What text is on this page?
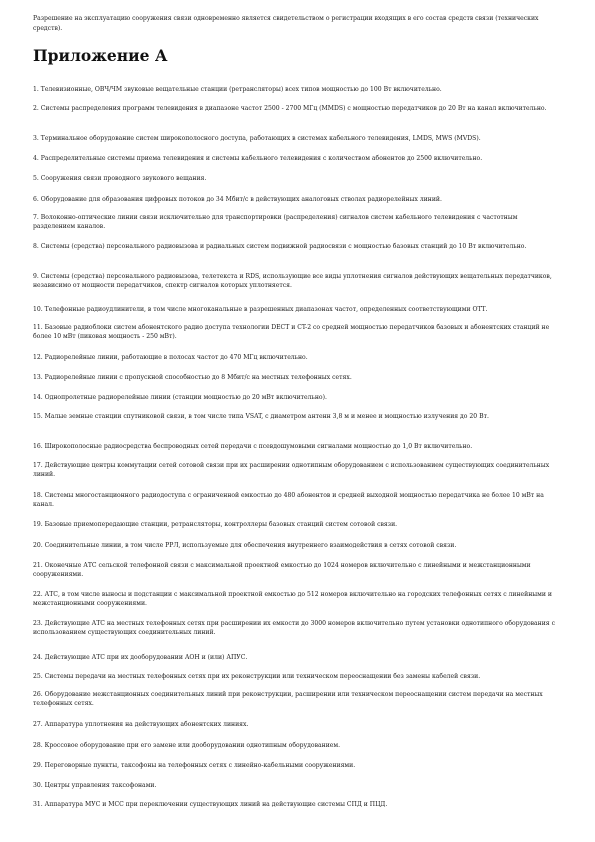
Разрешение на эксплуатацию сооружения связи одновременно является свидетельством о регистрации входящих в его состав средств связи (технических средств).

Приложение А

1. Телевизионные, ОВЧ/ЧМ звуковые вещательные станции (ретрансляторы) всех типов мощностью до 100 Вт включительно.

2. Системы распределения программ телевидения в диапазоне частот 2500 - 2700 МГц (MMDS) с мощностью передатчиков до 20 Вт на канал включительно.

3. Терминальное оборудование систем широкополосного доступа, работающих в системах кабельного телевидения, LMDS, MWS (MVDS).

4. Распределительные системы приема телевидения и системы кабельного телевидения с количеством абонентов до 2500 включительно.

5. Сооружения связи проводного звукового вещания.

6. Оборудование для образования цифровых потоков до 34 Мбит/с в действующих аналоговых стволах радиорелейных линий.

7. Волоконно-оптические линии связи исключительно для транспортировки (распределения) сигналов систем кабельного телевидения с частотным разделением каналов.

8. Системы (средства) персонального радиовызова и радиальных систем подвижной радиосвязи с мощностью базовых станций до 10 Вт включительно.

9. Системы (средства) персонального радиовызова, телетекста и RDS, использующие все виды уплотнения сигналов действующих вещательных передатчиков, независимо от мощности передатчиков, спектр сигналов которых уплотняется.

10. Телефонные радиоудлинители, в том числе многоканальные в разрешенных диапазонах частот, определенных соответствующими ОТТ.

11. Базовые радиоблоки систем абонентского радио доступа технологии DECT и CT-2 со средней мощностью передатчиков базовых и абонентских станций не более 10 мВт (пиковая мощность - 250 мВт).

12. Радиорелейные линии, работающие в полосах частот до 470 МГц включительно.

13. Радиорелейные линии с пропускной способностью до 8 Мбит/с на местных телефонных сетях.

14. Однопролетные радиорелейные линии (станции мощностью до 20 мВт включительно).

15. Малые земные станции спутниковой связи, в том числе типа VSAT, с диаметром антенн 3,8 м и менее и мощностью излучения до 20 Вт.

16. Широкополосные радиосредства беспроводных сетей передачи с псевдошумовыми сигналами мощностью до 1,0 Вт включительно.

17. Действующие центры коммутации сетей сотовой связи при их расширении однотипным оборудованием с использованием существующих соединительных линий.

18. Системы многостанционного радиодоступа с ограниченной емкостью до 480 абонентов и средней выходной мощностью передатчика не более 10 мВт на канал.

19. Базовые приемопередающие станции, ретрансляторы, контроллеры базовых станций систем сотовой связи.

20. Соединительные линии, в том числе РРЛ, используемые для обеспечения внутреннего взаимодействия в сетях сотовой связи.

21. Оконечные АТС сельской телефонной связи с максимальной проектной емкостью до 1024 номеров включительно с линейными и межстанционными сооружениями.

22. АТС, в том числе выносы и подстанции с максимальной проектной емкостью до 512 номеров включительно на городских телефонных сетях с линейными и межстанционными сооружениями.

23. Действующие АТС на местных телефонных сетях при расширении их емкости до 3000 номеров включительно путем установки однотипного оборудования с использованием существующих соединительных линий.

24. Действующие АТС при их дооборудовании АОН и (или) АПУС.

25. Системы передачи на местных телефонных сетях при их реконструкции или техническом переоснащении без замены кабелей связи.

26. Оборудование межстанционных соединительных линий при реконструкции, расширении или техническом переоснащении систем передачи на местных телефонных сетях.

27. Аппаратура уплотнения на действующих абонентских линиях.

28. Кроссовое оборудование при его замене или дооборудовании однотипным оборудованием.

29. Переговорные пункты, таксофоны на телефонных сетях с линейно-кабельными сооружениями.

30. Центры управления таксофонами.

31. Аппаратура МУС и МСС при переключении существующих линий на действующие системы СПД и ПЦД.
